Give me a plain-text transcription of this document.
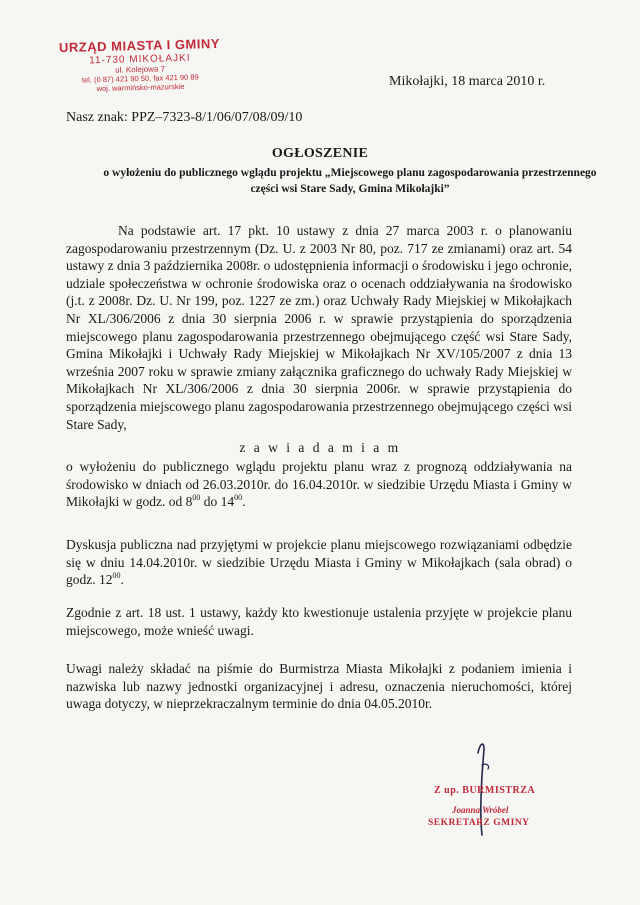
URZĄD MIASTA I GMINY
11-730 MIKOŁAJKI
ul. Kolejowa 7
tel. (0 87) 421 90 50, fax 421 90 89
woj. warmińsko-mazurskie	Mikołajki, 18 marca 2010 r.
Nasz znak: PPZ–7323-8/1/06/07/08/09/10
OGŁOSZENIE
o wyłożeniu do publicznego wglądu projektu „Miejscowego planu zagospodarowania przestrzennego części wsi Stare Sady, Gmina Mikołajki”
Na podstawie art. 17 pkt. 10 ustawy z dnia 27 marca 2003 r. o planowaniu zagospodarowaniu przestrzennym (Dz. U. z 2003 Nr 80, poz. 717 ze zmianami) oraz art. 54 ustawy z dnia 3 października 2008r. o udostępnienia informacji o środowisku i jego ochronie, udziale społeczeństwa w ochronie środowiska oraz o ocenach oddziaływania na środowisko (j.t. z 2008r. Dz. U. Nr 199, poz. 1227 ze zm.) oraz Uchwały Rady Miejskiej w Mikołajkach Nr XL/306/2006 z dnia 30 sierpnia 2006 r. w sprawie przystąpienia do sporządzenia miejscowego planu zagospodarowania przestrzennego obejmującego część wsi Stare Sady, Gmina Mikołajki i Uchwały Rady Miejskiej w Mikołajkach Nr XV/105/2007 z dnia 13 września 2007 roku w sprawie zmiany załącznika graficznego do uchwały Rady Miejskiej w Mikołajkach Nr XL/306/2006 z dnia 30 sierpnia 2006r. w sprawie przystąpienia do sporządzenia miejscowego planu zagospodarowania przestrzennego obejmującego części wsi Stare Sady,
z a w i a d a m i a m
o wyłożeniu do publicznego wglądu projektu planu wraz z prognozą oddziaływania na środowisko w dniach od 26.03.2010r. do 16.04.2010r. w siedzibie Urzędu Miasta i Gminy w Mikołajki w godz. od $8^{00}$ do $14^{00}$.
Dyskusja publiczna nad przyjętymi w projekcie planu miejscowego rozwiązaniami odbędzie się w dniu 14.04.2010r. w siedzibie Urzędu Miasta i Gminy w Mikołajkach (sala obrad) o godz. $12^{00}$.
Zgodnie z art. 18 ust. 1 ustawy, każdy kto kwestionuje ustalenia przyjęte w projekcie planu miejscowego, może wnieść uwagi.
Uwagi należy składać na piśmie do Burmistrza Miasta Mikołajki z podaniem imienia i nazwiska lub nazwy jednostki organizacyjnej i adresu, oznaczenia nieruchomości, której uwaga dotyczy, w nieprzekraczalnym terminie do dnia 04.05.2010r.
Z up. BURMISTRZA
Joanna Wróbel
SEKRETARZ GMINY
